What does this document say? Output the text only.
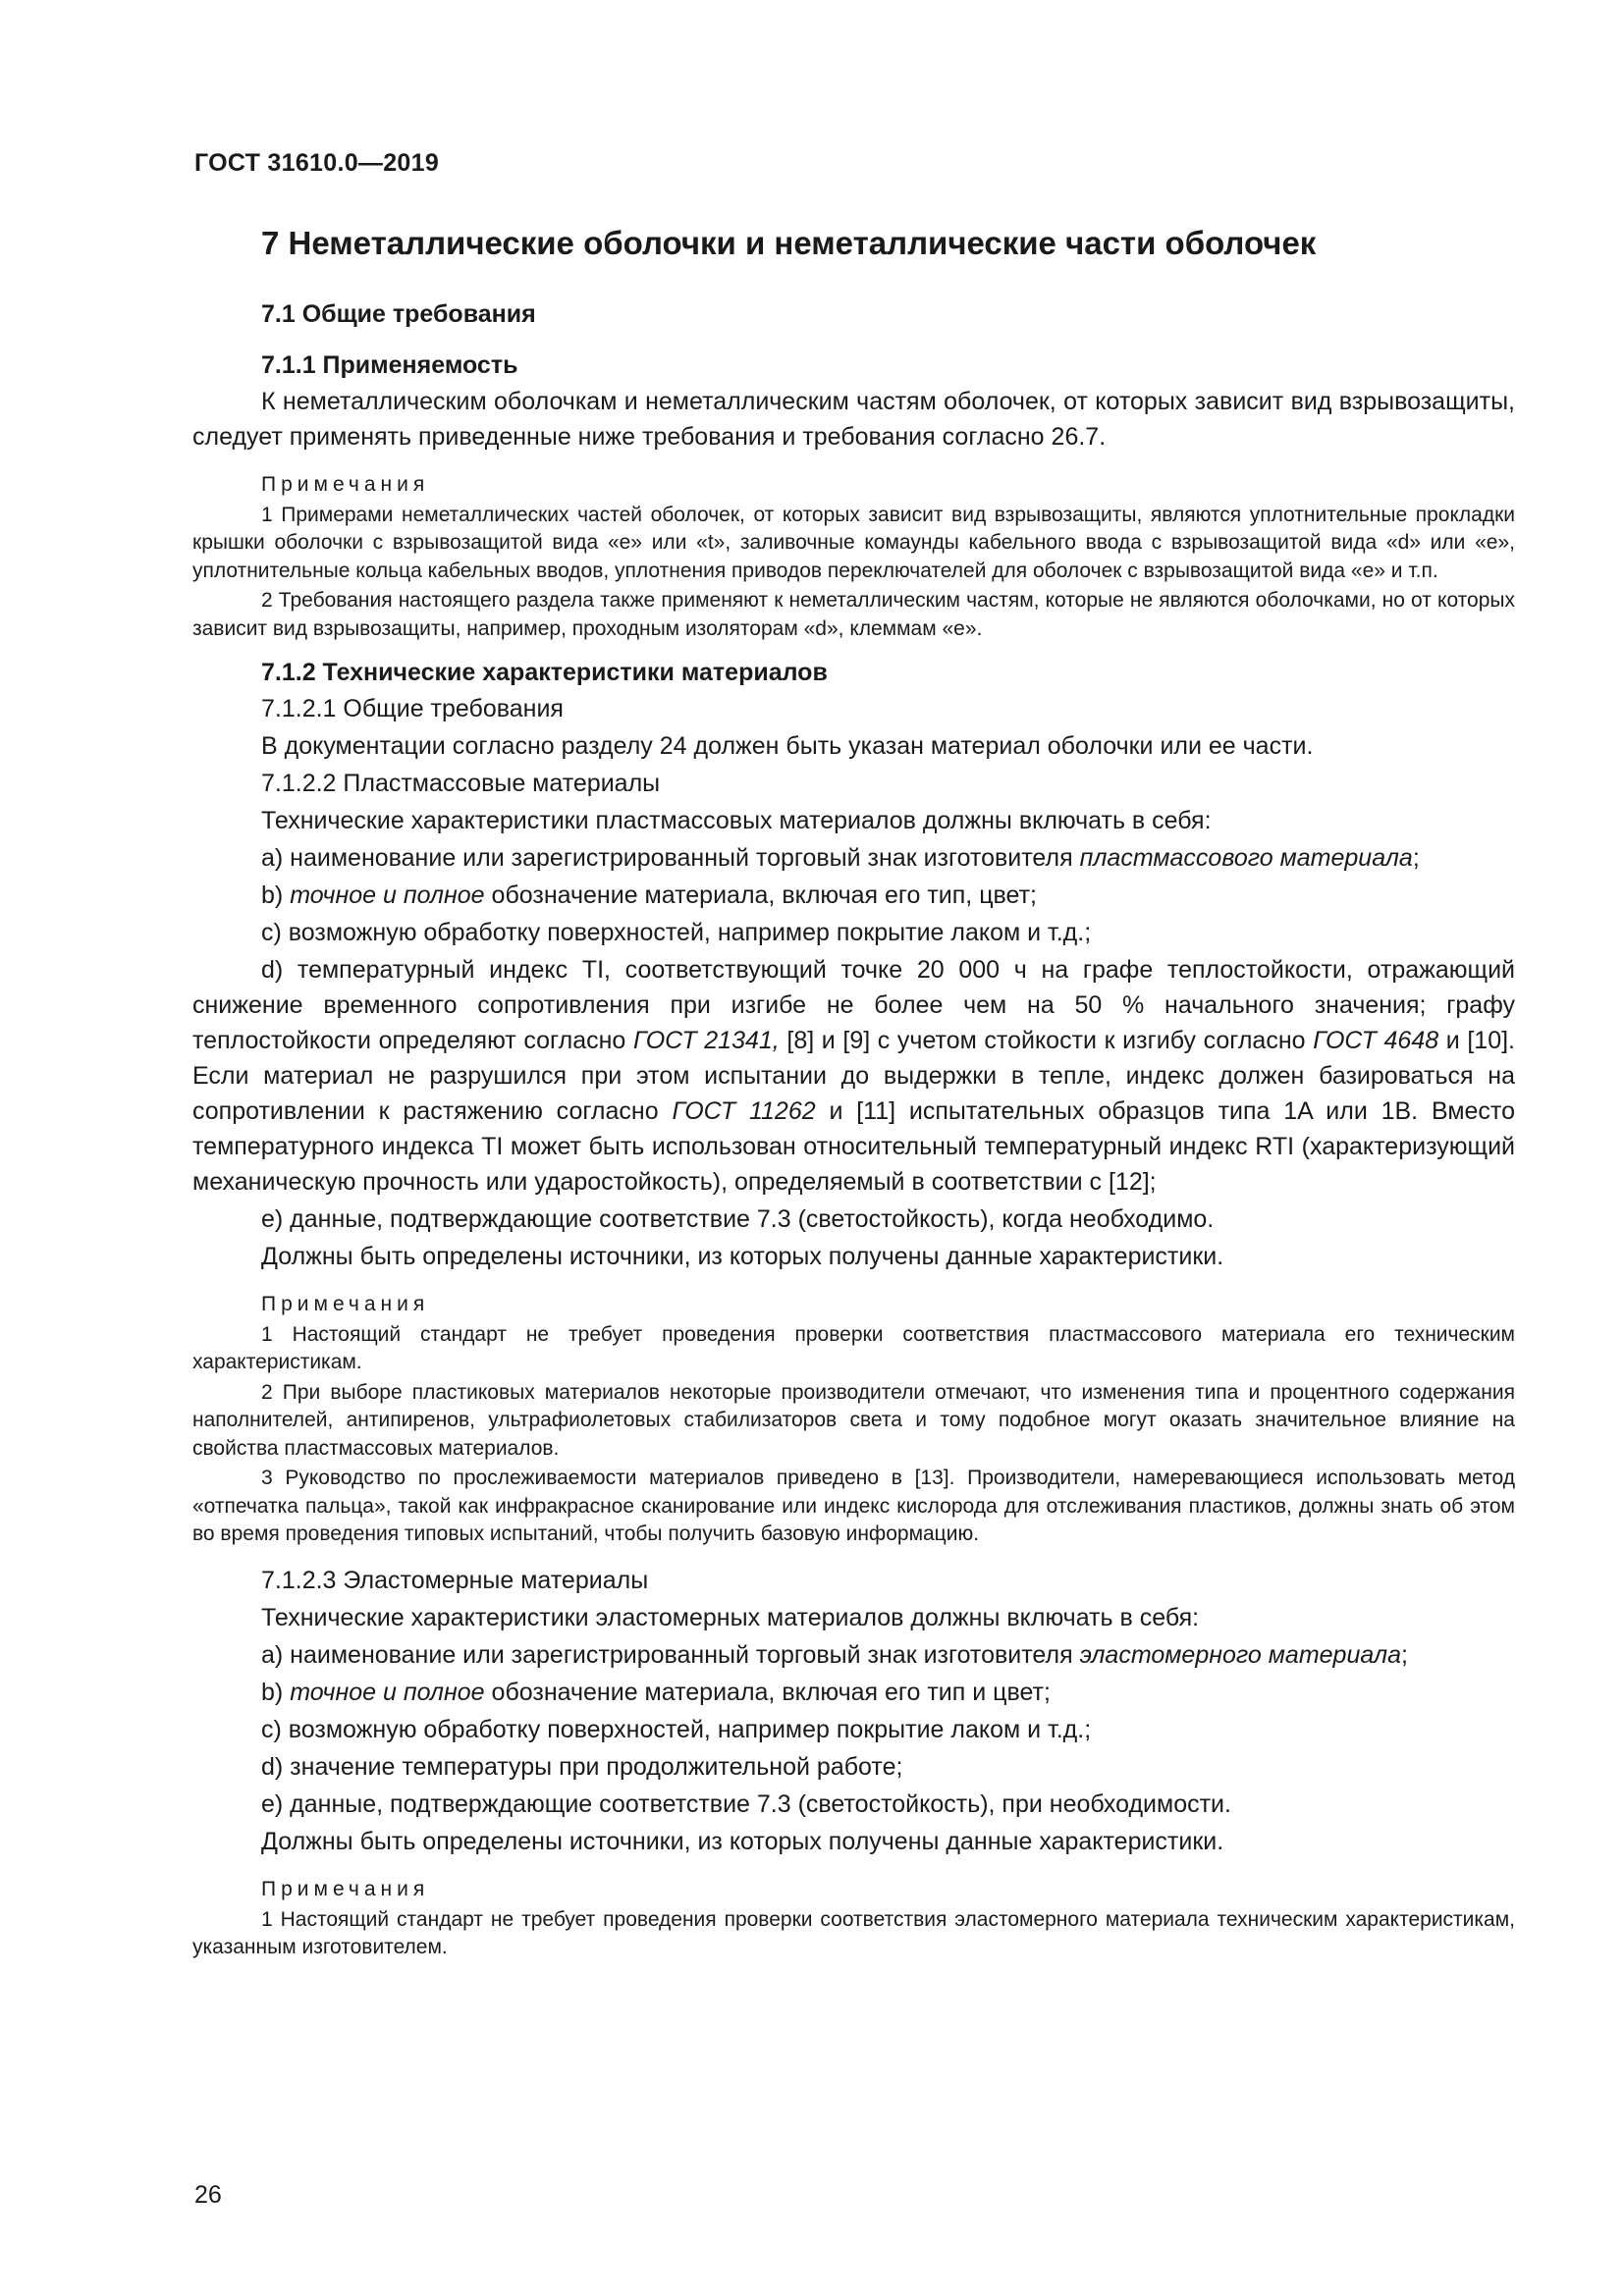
ГОСТ 31610.0—2019
7 Неметаллические оболочки и неметаллические части оболочек
7.1 Общие требования
7.1.1 Применяемость
К неметаллическим оболочкам и неметаллическим частям оболочек, от которых зависит вид взрывозащиты, следует применять приведенные ниже требования и требования согласно 26.7.
Примечания
1 Примерами неметаллических частей оболочек, от которых зависит вид взрывозащиты, являются уплотнительные прокладки крышки оболочки с взрывозащитой вида «e» или «t», заливочные комаунды кабельного ввода с взрывозащитой вида «d» или «e», уплотнительные кольца кабельных вводов, уплотнения приводов переключателей для оболочек с взрывозащитой вида «e» и т.п.
2 Требования настоящего раздела также применяют к неметаллическим частям, которые не являются оболочками, но от которых зависит вид взрывозащиты, например, проходным изоляторам «d», клеммам «e».
7.1.2 Технические характеристики материалов
7.1.2.1 Общие требования
В документации согласно разделу 24 должен быть указан материал оболочки или ее части.
7.1.2.2 Пластмассовые материалы
Технические характеристики пластмассовых материалов должны включать в себя:
a) наименование или зарегистрированный торговый знак изготовителя пластмассового материала;
b) точное и полное обозначение материала, включая его тип, цвет;
c) возможную обработку поверхностей, например покрытие лаком и т.д.;
d) температурный индекс TI, соответствующий точке 20 000 ч на графе теплостойкости, отражающий снижение временного сопротивления при изгибе не более чем на 50 % начального значения; графу теплостойкости определяют согласно ГОСТ 21341, [8] и [9] с учетом стойкости к изгибу согласно ГОСТ 4648 и [10]. Если материал не разрушился при этом испытании до выдержки в тепле, индекс должен базироваться на сопротивлении к растяжению согласно ГОСТ 11262 и [11] испытательных образцов типа 1A или 1B. Вместо температурного индекса TI может быть использован относительный температурный индекс RTI (характеризующий механическую прочность или ударостойкость), определяемый в соответствии с [12];
e) данные, подтверждающие соответствие 7.3 (светостойкость), когда необходимо.
Должны быть определены источники, из которых получены данные характеристики.
Примечания
1 Настоящий стандарт не требует проведения проверки соответствия пластмассового материала его техническим характеристикам.
2 При выборе пластиковых материалов некоторые производители отмечают, что изменения типа и процентного содержания наполнителей, антипиренов, ультрафиолетовых стабилизаторов света и тому подобное могут оказать значительное влияние на свойства пластмассовых материалов.
3 Руководство по прослеживаемости материалов приведено в [13]. Производители, намеревающиеся использовать метод «отпечатка пальца», такой как инфракрасное сканирование или индекс кислорода для отслеживания пластиков, должны знать об этом во время проведения типовых испытаний, чтобы получить базовую информацию.
7.1.2.3 Эластомерные материалы
Технические характеристики эластомерных материалов должны включать в себя:
a) наименование или зарегистрированный торговый знак изготовителя эластомерного материала;
b) точное и полное обозначение материала, включая его тип и цвет;
c) возможную обработку поверхностей, например покрытие лаком и т.д.;
d) значение температуры при продолжительной работе;
e) данные, подтверждающие соответствие 7.3 (светостойкость), при необходимости.
Должны быть определены источники, из которых получены данные характеристики.
Примечания
1 Настоящий стандарт не требует проведения проверки соответствия эластомерного материала техническим характеристикам, указанным изготовителем.
26
